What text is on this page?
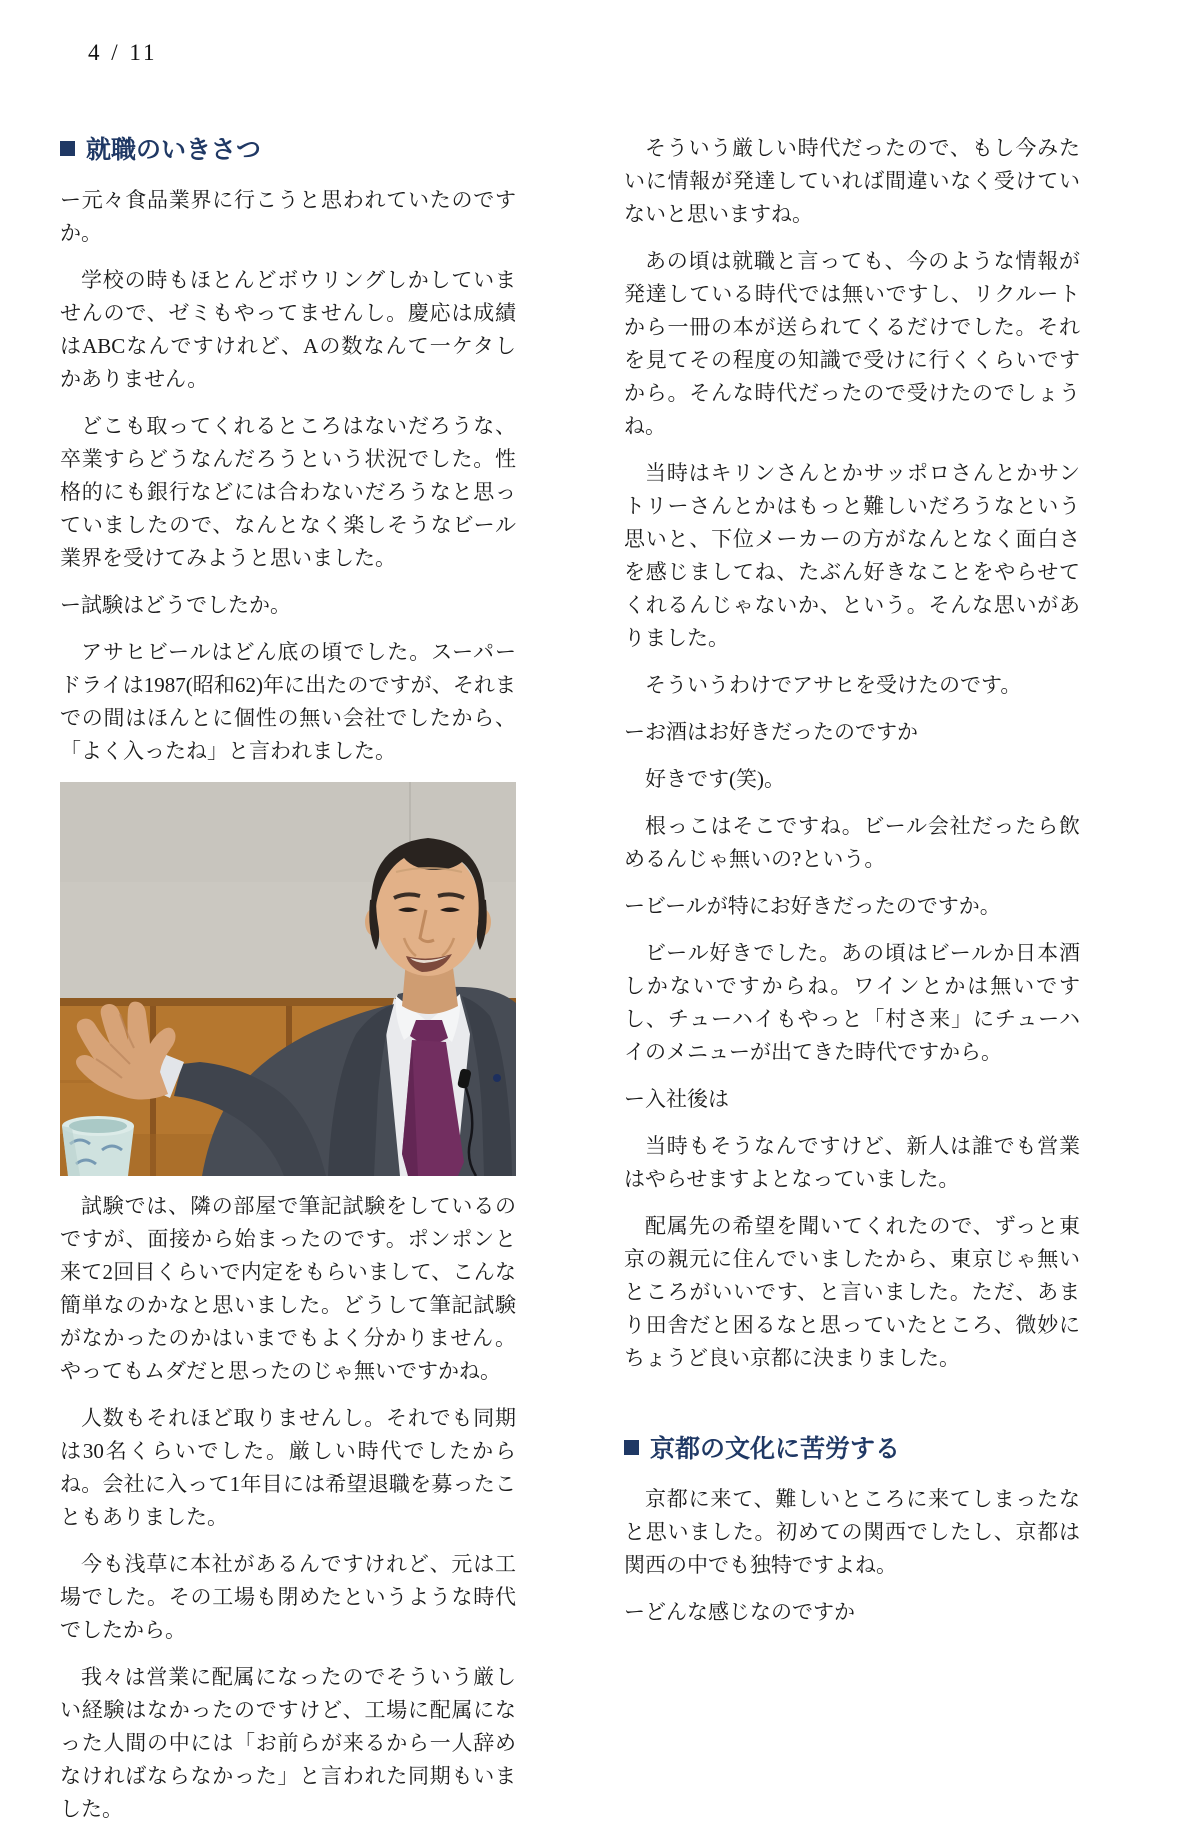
4 / 11
就職のいきさつ

ー元々食品業界に行こうと思われていたのですか。

学校の時もほとんどボウリングしかしていませんので、ゼミもやってませんし。慶応は成績はABCなんですけれど、Aの数なんて一ケタしかありません。

どこも取ってくれるところはないだろうな、卒業すらどうなんだろうという状況でした。性格的にも銀行などには合わないだろうなと思っていましたので、なんとなく楽しそうなビール業界を受けてみようと思いました。

ー試験はどうでしたか。

アサヒビールはどん底の頃でした。スーパードライは1987(昭和62)年に出たのですが、それまでの間はほんとに個性の無い会社でしたから、「よく入ったね」と言われました。

試験では、隣の部屋で筆記試験をしているのですが、面接から始まったのです。ポンポンと来て2回目くらいで内定をもらいまして、こんな簡単なのかなと思いました。どうして筆記試験がなかったのかはいまでもよく分かりません。やってもムダだと思ったのじゃ無いですかね。

人数もそれほど取りませんし。それでも同期は30名くらいでした。厳しい時代でしたからね。会社に入って1年目には希望退職を募ったこともありました。

今も浅草に本社があるんですけれど、元は工場でした。その工場も閉めたというような時代でしたから。

我々は営業に配属になったのでそういう厳しい経験はなかったのですけど、工場に配属になった人間の中には「お前らが来るから一人辞めなければならなかった」と言われた同期もいました。

そういう厳しい時代だったので、もし今みたいに情報が発達していれば間違いなく受けていないと思いますね。

あの頃は就職と言っても、今のような情報が発達している時代では無いですし、リクルートから一冊の本が送られてくるだけでした。それを見てその程度の知識で受けに行くくらいですから。そんな時代だったので受けたのでしょうね。

当時はキリンさんとかサッポロさんとかサントリーさんとかはもっと難しいだろうなという思いと、下位メーカーの方がなんとなく面白さを感じましてね、たぶん好きなことをやらせてくれるんじゃないか、という。そんな思いがありました。

そういうわけでアサヒを受けたのです。

ーお酒はお好きだったのですか

好きです(笑)。

根っこはそこですね。ビール会社だったら飲めるんじゃ無いの?という。

ービールが特にお好きだったのですか。

ビール好きでした。あの頃はビールか日本酒しかないですからね。ワインとかは無いですし、チューハイもやっと「村さ来」にチューハイのメニューが出てきた時代ですから。

ー入社後は

当時もそうなんですけど、新人は誰でも営業はやらせますよとなっていました。

配属先の希望を聞いてくれたので、ずっと東京の親元に住んでいましたから、東京じゃ無いところがいいです、と言いました。ただ、あまり田舎だと困るなと思っていたところ、微妙にちょうど良い京都に決まりました。

京都の文化に苦労する

京都に来て、難しいところに来てしまったなと思いました。初めての関西でしたし、京都は関西の中でも独特ですよね。

ーどんな感じなのですか
